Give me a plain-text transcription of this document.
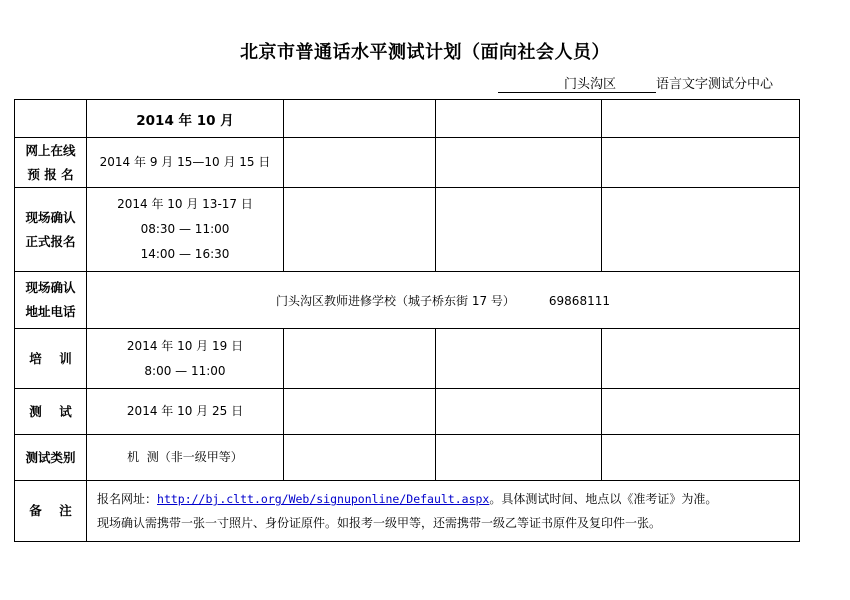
北京市普通话水平测试计划（面向社会人员）
门头沟区	语言文字测试分中心
	2014 年 10 月			

网上在线
预 报 名	2014 年 9 月 15—10 月 15 日			

现场确认
正式报名	2014 年 10 月 13-17 日
08:30 — 11:00
14:00 — 16:30			

现场确认
地址电话	门头沟区教师进修学校（城子桥东街 17 号） 69868111			
培    训	2014 年 10 月 19 日
8:00 — 11:00			

测    试	2014 年 10 月 25 日			
测试类别	机  测（非一级甲等）			
备    注	报名网址：http://bj.cltt.org/Web/signuponline/Default.aspx。具体测试时间、地点以《准考证》为准。
现场确认需携带一张一寸照片、身份证原件。如报考一级甲等，还需携带一级乙等证书原件及复印件一张。			
